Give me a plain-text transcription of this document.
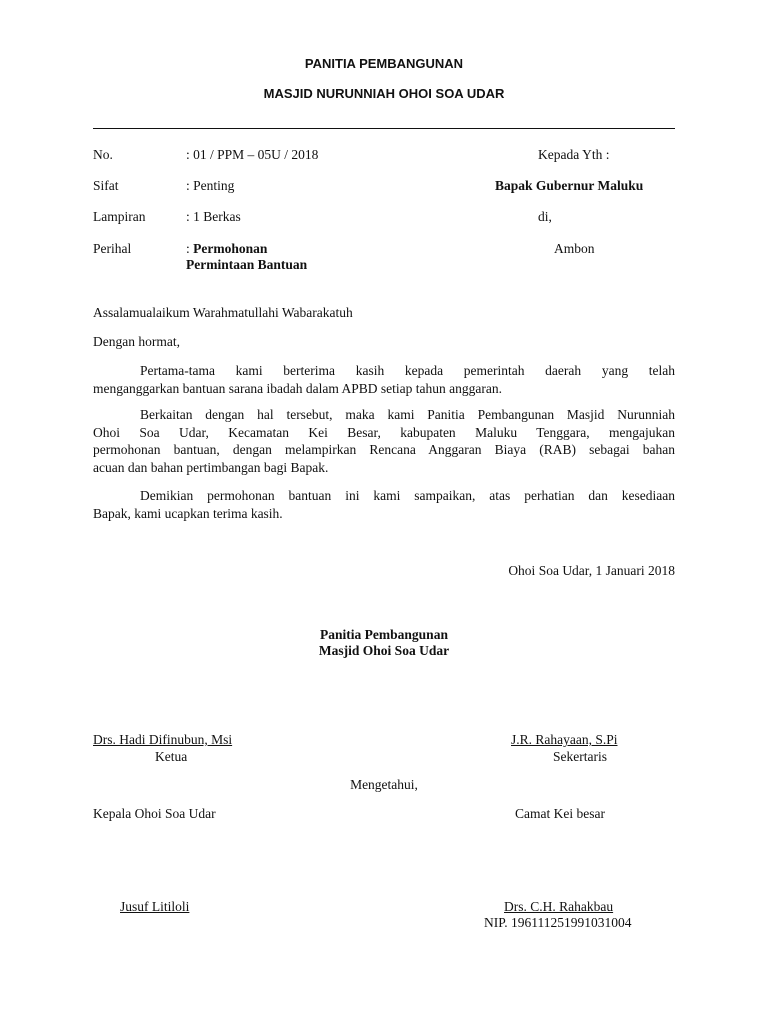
PANITIA PEMBANGUNAN
MASJID NURUNNIAH OHOI SOA UDAR
No.	: 01 / PPM – 05U / 2018
Sifat	: Penting
Lampiran	: 1 Berkas
Perihal	: Permohonan
Permintaan Bantuan
Kepada Yth :
Bapak Gubernur Maluku
di,
Ambon
Assalamualaikum Warahmatullahi Wabarakatuh
Dengan hormat,
Pertama-tama kami berterima kasih kepada pemerintah daerah yang telah
menganggarkan bantuan sarana ibadah dalam APBD setiap tahun anggaran.
Berkaitan dengan hal tersebut, maka kami Panitia Pembangunan Masjid Nurunniah
Ohoi Soa Udar, Kecamatan Kei Besar, kabupaten Maluku Tenggara, mengajukan
permohonan bantuan, dengan melampirkan Rencana Anggaran Biaya (RAB) sebagai bahan
acuan dan bahan pertimbangan bagi Bapak.
Demikian permohonan bantuan ini kami sampaikan, atas perhatian dan kesediaan
Bapak, kami ucapkan terima kasih.
Ohoi Soa Udar, 1 Januari 2018
Panitia Pembangunan
Masjid Ohoi Soa Udar
Drs. Hadi Difinubun, Msi
Ketua
J.R. Rahayaan, S.Pi
Sekertaris
Mengetahui,
Kepala Ohoi Soa Udar	Camat Kei besar
Jusuf Litiloli	Drs. C.H. Rahakbau
NIP. 196111251991031004
